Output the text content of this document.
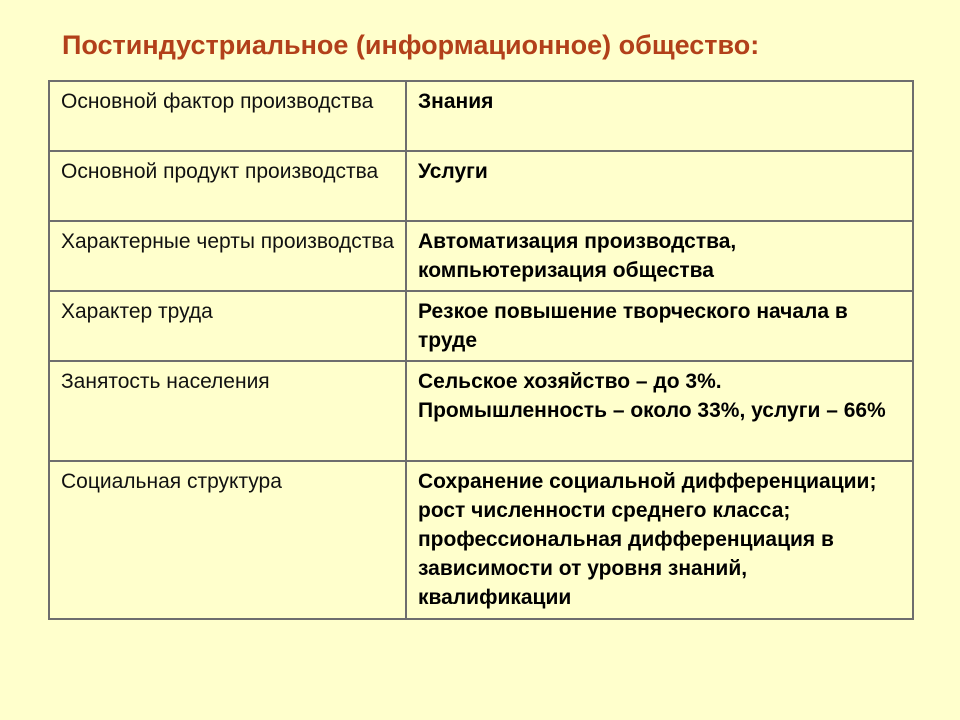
Постиндустриальное (информационное) общество:
Основной фактор производства	Знания
Основной продукт производства	Услуги
Характерные черты производства	Автоматизация производства, компьютеризация общества
Характер труда	Резкое повышение творческого начала в труде
Занятость населения	Сельское хозяйство – до 3%. Промышленность – около 33%, услуги – 66%
Социальная структура	Сохранение социальной дифференциации; рост численности среднего класса; профессиональная дифференциация в зависимости от уровня знаний, квалификации
